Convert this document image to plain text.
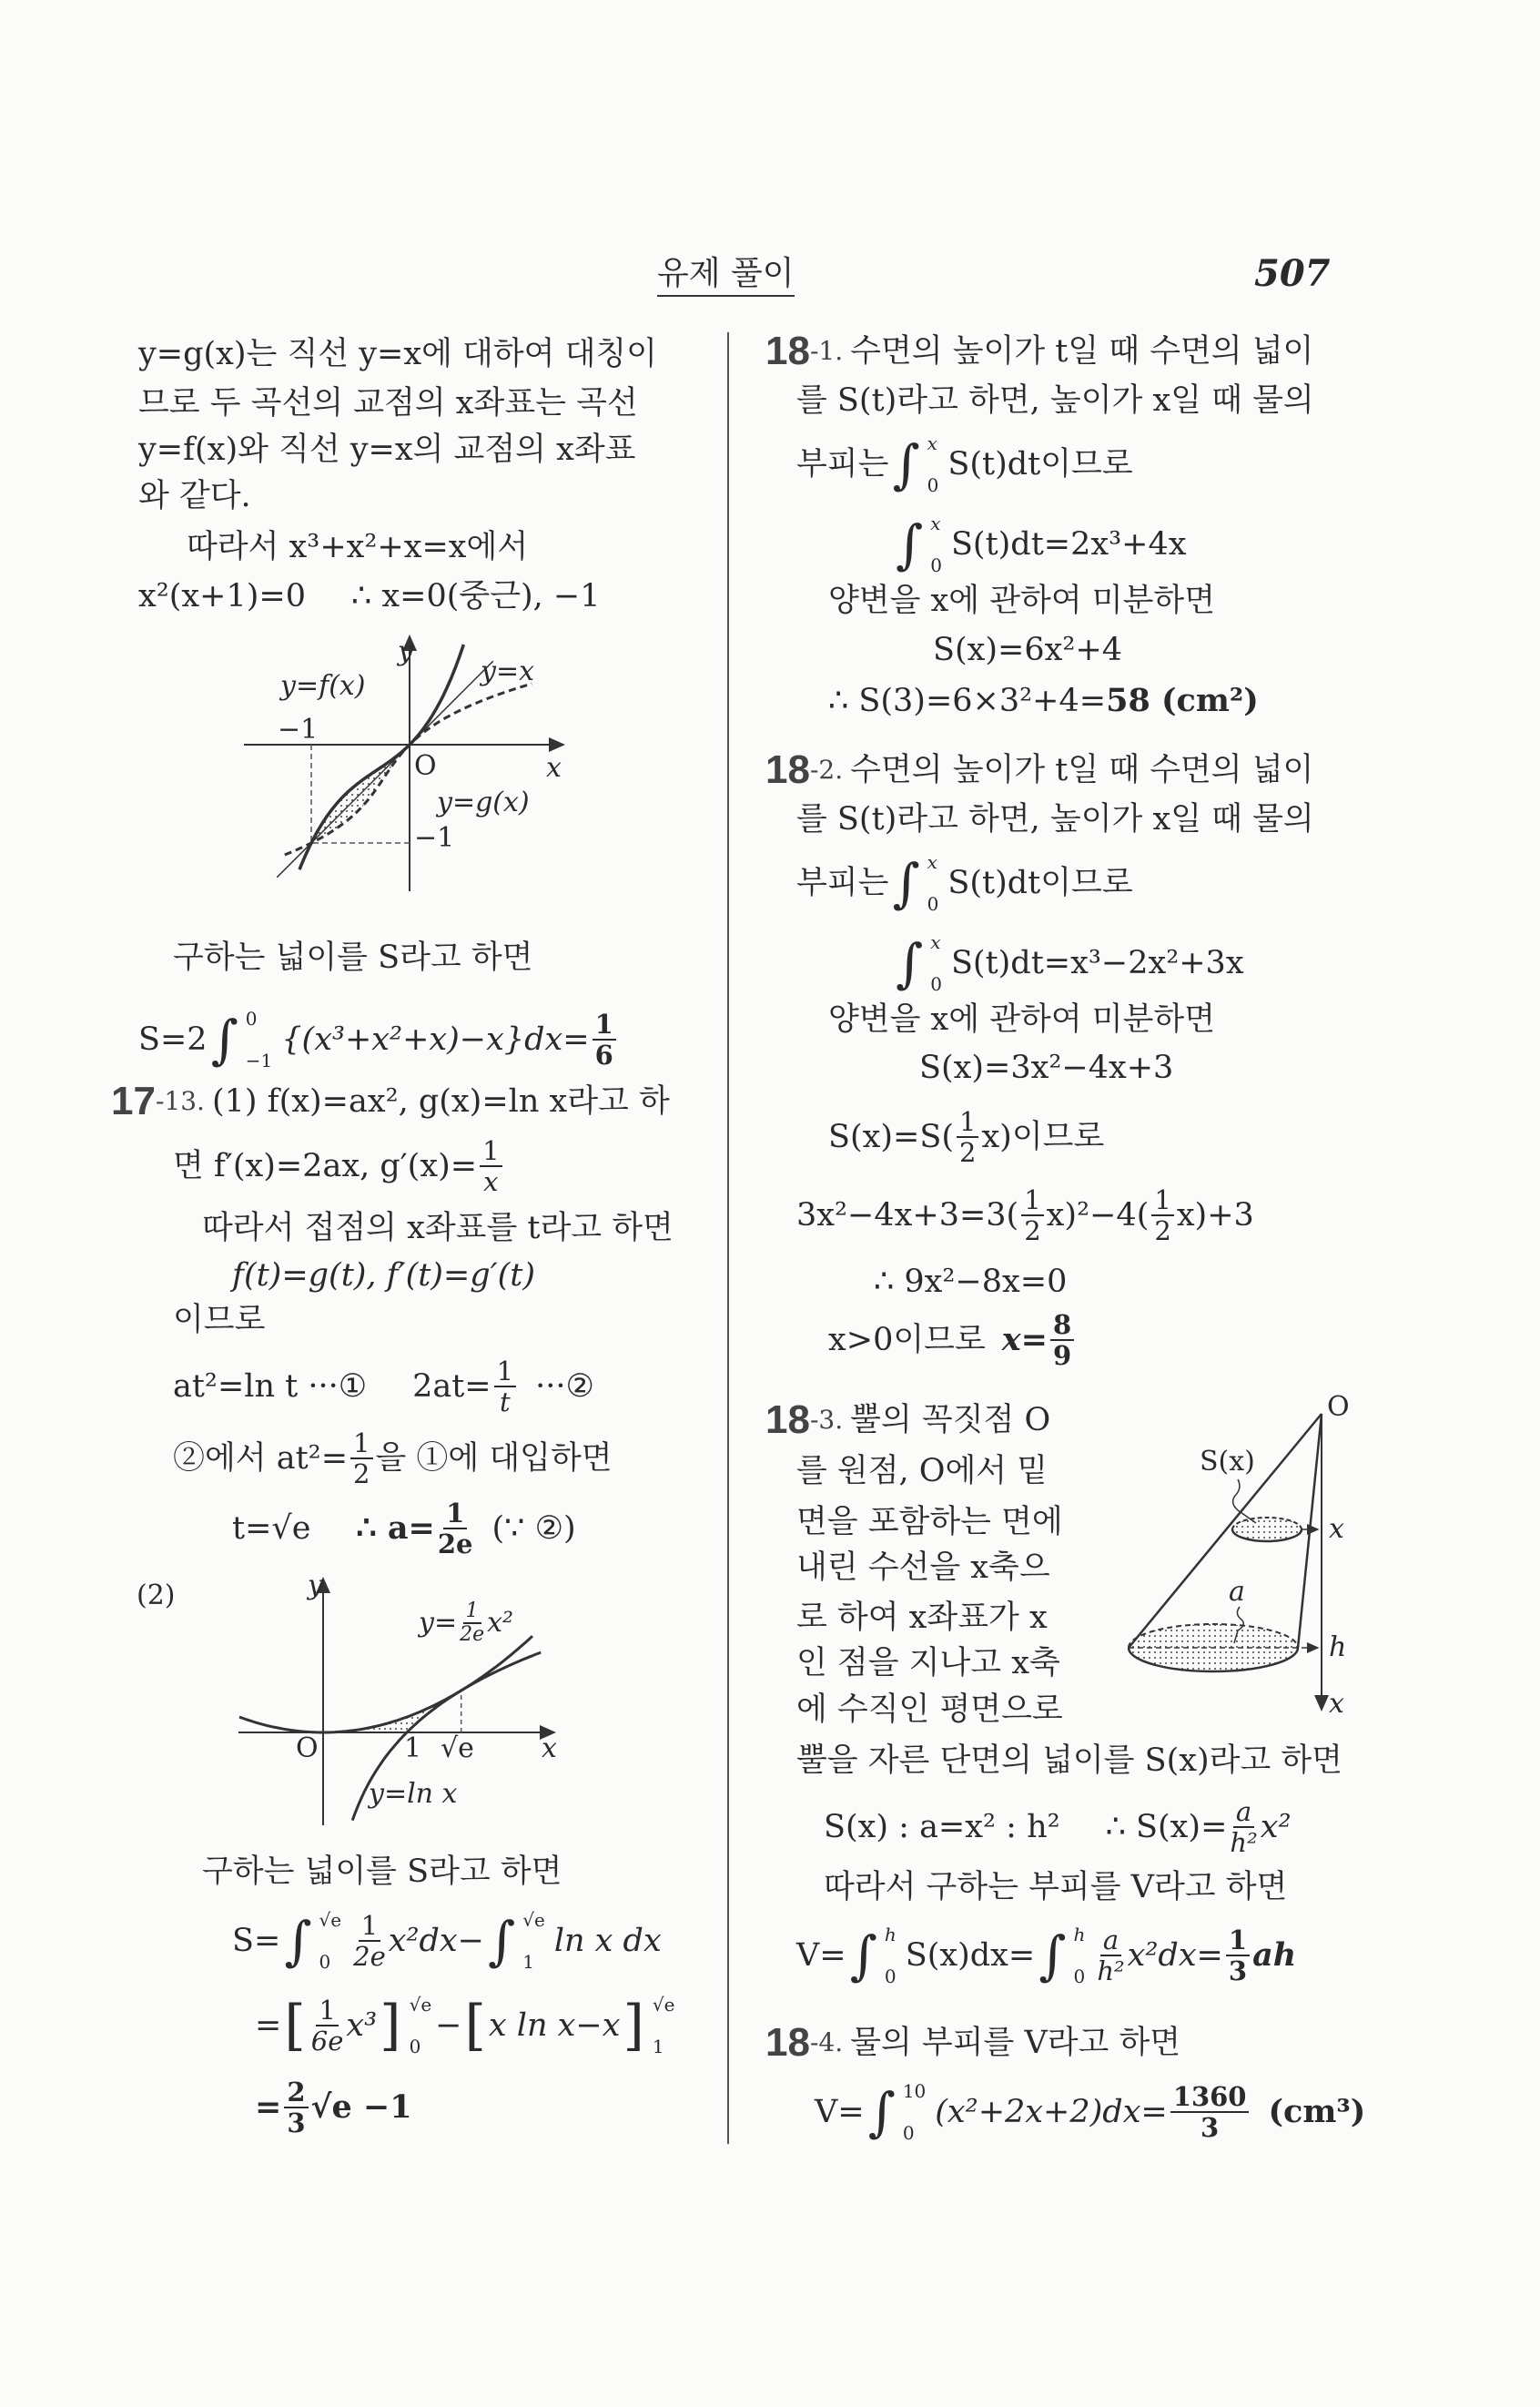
유제 풀이	507
y=g(x)는 직선 y=x에 대하여 대칭이
므로 두 곡선의 교점의 x좌표는 곡선
y=f(x)와 직선 y=x의 교점의 x좌표
와 같다.
따라서 x³+x²+x=x에서
x²(x+1)=0 ∴ x=0(중근), −1
y
x
O
−1
−1
y=f(x)	y=x
y=g(x)
구하는 넓이를 S라고 하면
S=2 ∫ 0
−1
$\{(x^3+x^2+x)-x\}dx= \frac{1}{6}$
17 -13. (1) f(x)=ax², g(x)=ln x라고 하
면 f′(x)=2ax, $g'(x)= \frac{1}{x}$
따라서 접점의 x좌표를 t라고 하면
f(t)=g(t), f′(t)=g′(t)
이므로
at²=ln t ···① $2at= \frac{1}{t}$ ···②
②에서 $at^2= \frac{1}{2}$ 을 ①에 대입하면
t=√e ∴ $a= \frac{1}{2e}$ (∵ ②)
(2)	y
x
O	1 √e
$y= \frac{1}{2e} x^2$
y=ln x
구하는 넓이를 S라고 하면
S= ∫ √e
$0 \frac{1}{2e} x^2dx-$ ∫ √e
1
ln x dx
= [ $\frac{1}{6e} x^3$ ] √e
0
− [ x ln x−x ] √e
1
= $\frac{2}{3} √e -1$
18 -1. 수면의 높이가 t일 때 수면의 넓이
를 S(t)라고 하면, 높이가 x일 때 물의
부피는 ∫ x
0
S(t)dt이므로
∫ x
0
S(t)dt=2x³+4x
양변을 x에 관하여 미분하면
S(x)=6x²+4
∴ S(3)=6×3²+4= 58 (cm²)
18 -2. 수면의 높이가 t일 때 수면의 넓이
를 S(t)라고 하면, 높이가 x일 때 물의
부피는 ∫ x
0
S(t)dt이므로
∫ x
0
S(t)dt=x³−2x²+3x
양변을 x에 관하여 미분하면
S(x)=3x²−4x+3
$S(x)=S( \frac{1}{2} x)$이므로
$3x^2-4x+3=3( \frac{1}{2} x)^2-4( \frac{1}{2} x)+3$
∴ 9x²−8x=0
x>0이므로 $x= \frac{8}{9}$
18 -3. 뿔의 꼭짓점 O
를 원점, O에서 밑
면을 포함하는 면에
내린 수선을 x축으
로 하여 x좌표가 x
인 점을 지나고 x축
에 수직인 평면으로
뿔을 자른 단면의 넓이를 S(x)라고 하면
O
S(x)
x
a
h
x
S(x) : a=x² : h² ∴ $S(x)= \frac{a}{\text{h²}} x^2$
따라서 구하는 부피를 V라고 하면
V= ∫ h
0
S(x)dx= ∫ h
$0 \frac{a}{\text{h²}} x^2dx= \frac{1}{3}$ ah
18 -4. 물의 부피를 V라고 하면
V= ∫ 10
0
$(x^2+2x+2)dx= \frac{1360}{3} (cm^3)$
